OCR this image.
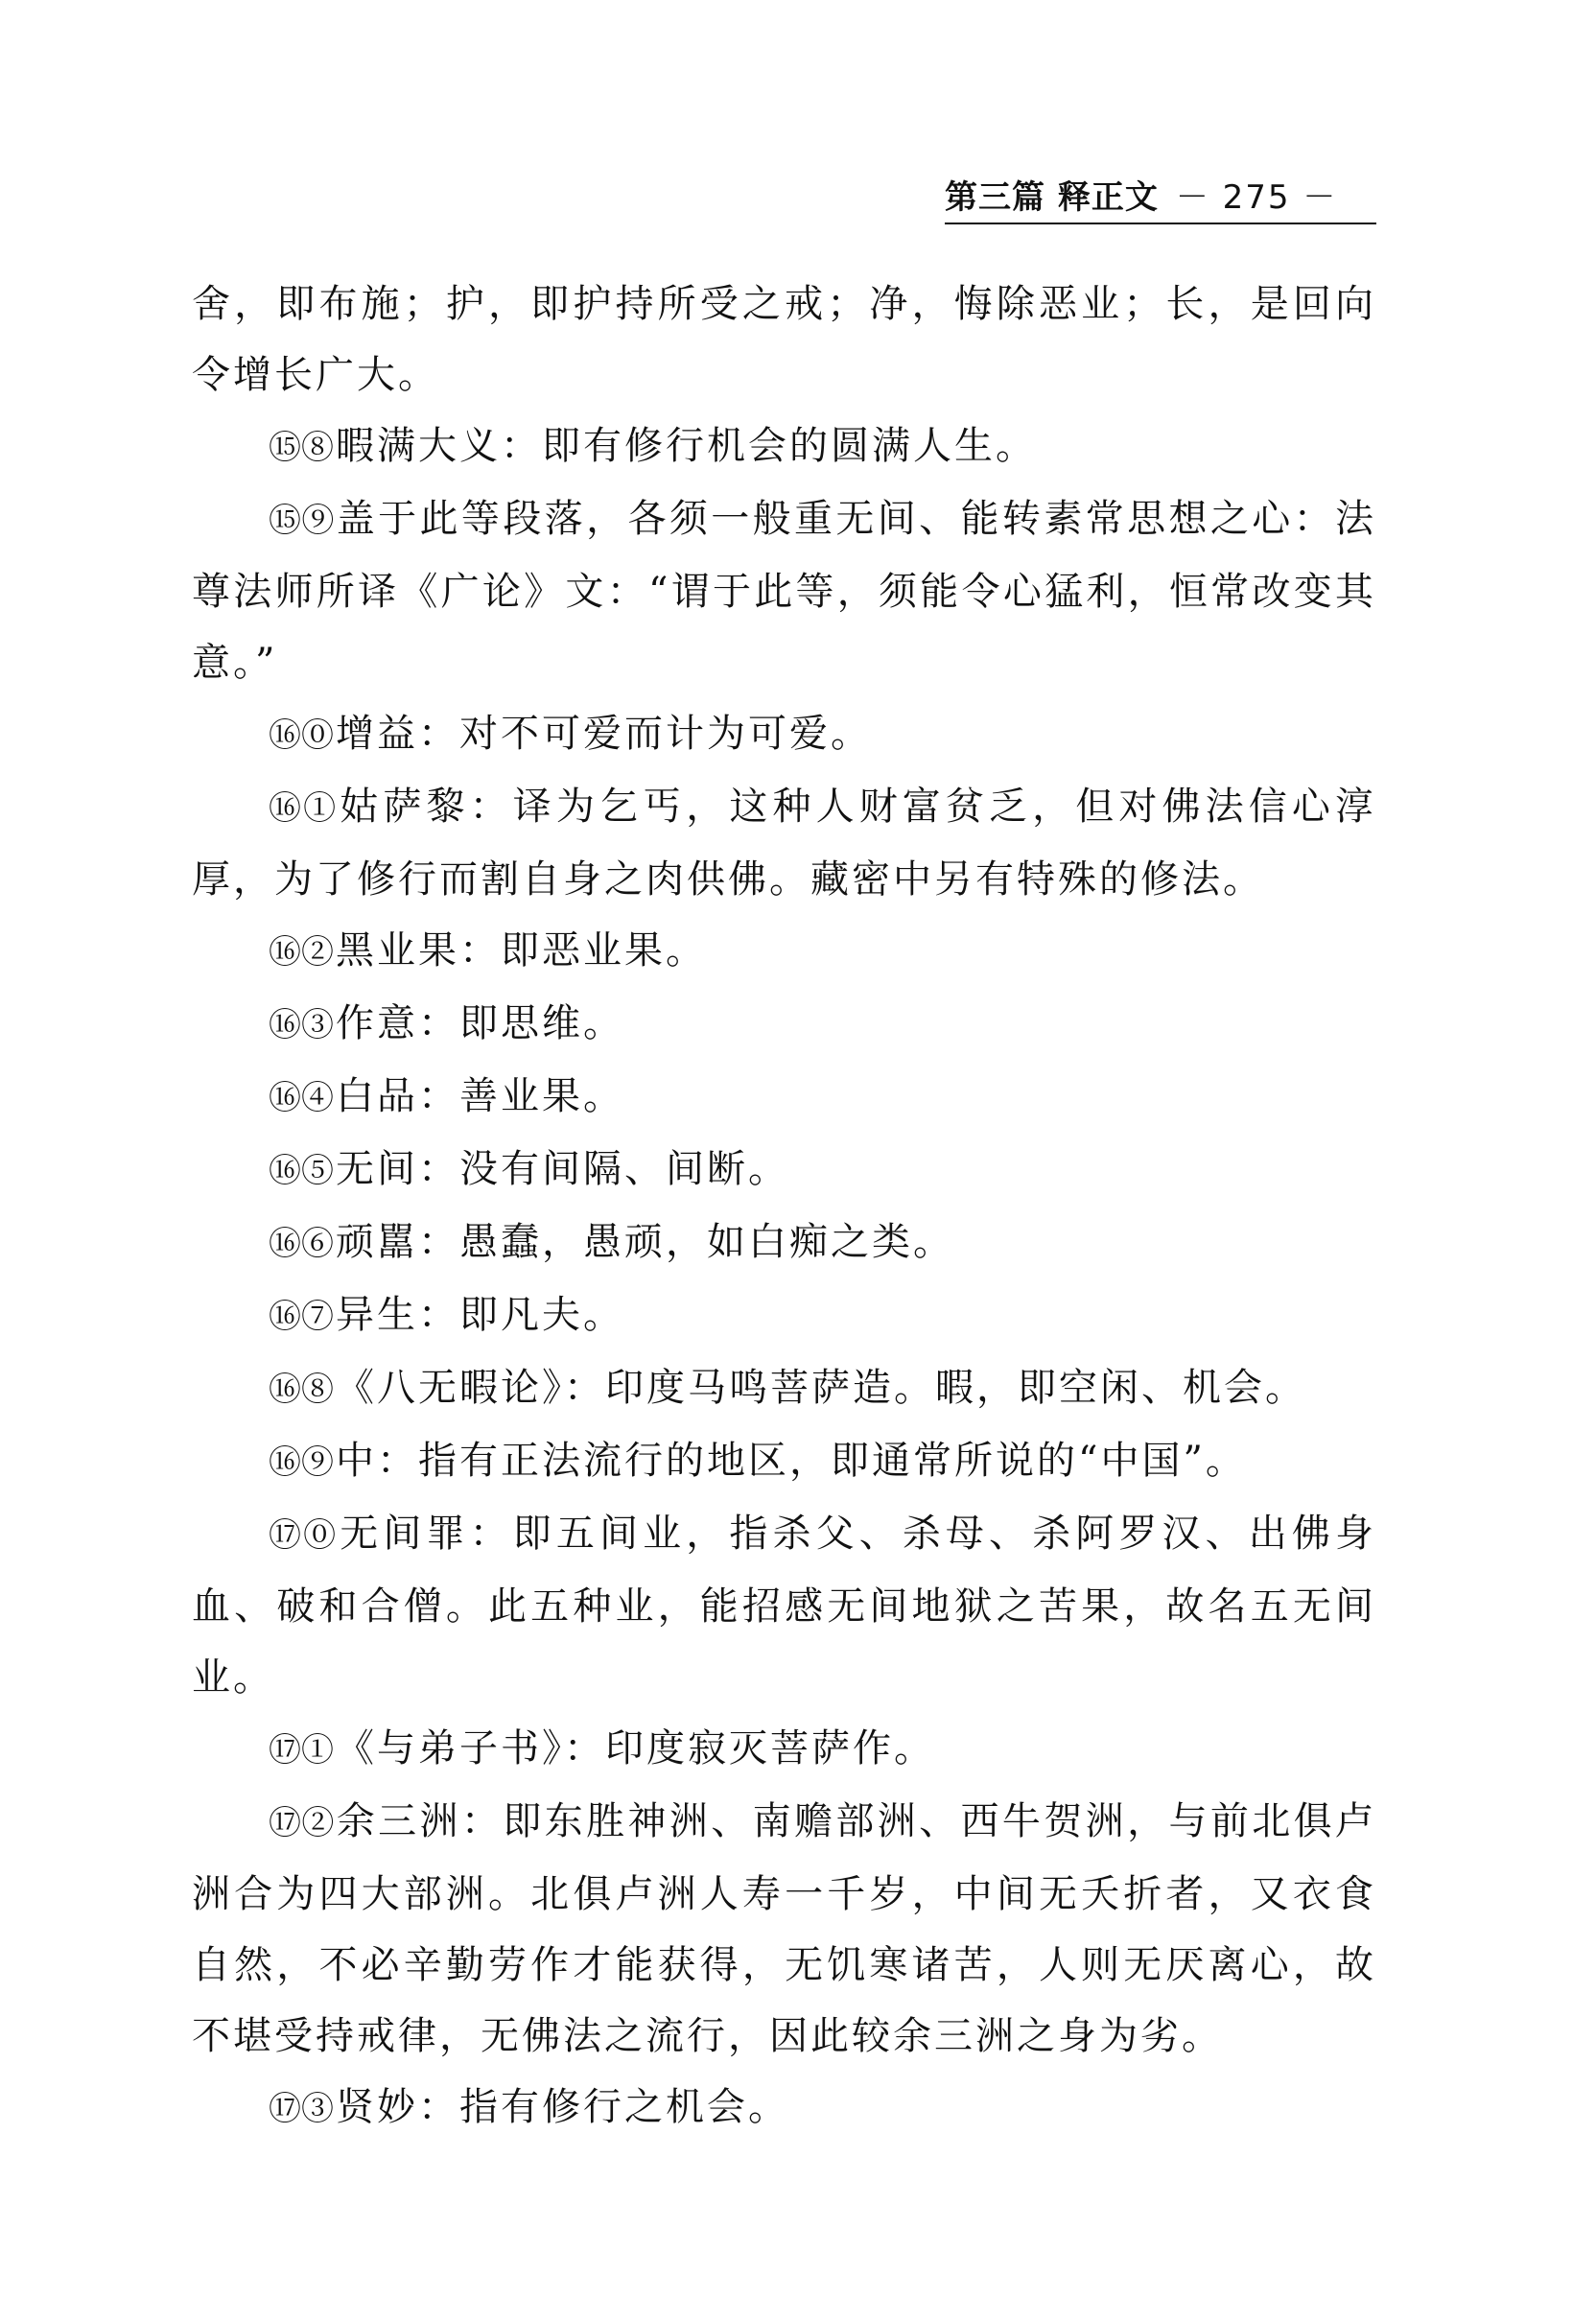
第三篇 释正文 － 275 －

舍，即布施；护，即护持所受之戒；净，悔除恶业；长，是回向令增长广大。

⑮⑧暇满大义：即有修行机会的圆满人生。

⑮⑨盖于此等段落，各须一般重无间、能转素常思想之心：法尊法师所译《广论》文：“谓于此等，须能令心猛利，恒常改变其意。”

⑯⓪增益：对不可爱而计为可爱。

⑯①姑萨黎：译为乞丐，这种人财富贫乏，但对佛法信心淳厚，为了修行而割自身之肉供佛。藏密中另有特殊的修法。

⑯②黑业果：即恶业果。

⑯③作意：即思维。

⑯④白品：善业果。

⑯⑤无间：没有间隔、间断。

⑯⑥顽嚚：愚蠢，愚顽，如白痴之类。

⑯⑦异生：即凡夫。

⑯⑧《八无暇论》：印度马鸣菩萨造。暇，即空闲、机会。

⑯⑨中：指有正法流行的地区，即通常所说的“中国”。

⑰⓪无间罪：即五间业，指杀父、杀母、杀阿罗汉、出佛身血、破和合僧。此五种业，能招感无间地狱之苦果，故名五无间业。

⑰①《与弟子书》：印度寂灭菩萨作。

⑰②余三洲：即东胜神洲、南赡部洲、西牛贺洲，与前北俱卢洲合为四大部洲。北俱卢洲人寿一千岁，中间无夭折者，又衣食自然，不必辛勤劳作才能获得，无饥寒诸苦，人则无厌离心，故不堪受持戒律，无佛法之流行，因此较余三洲之身为劣。

⑰③贤妙：指有修行之机会。
